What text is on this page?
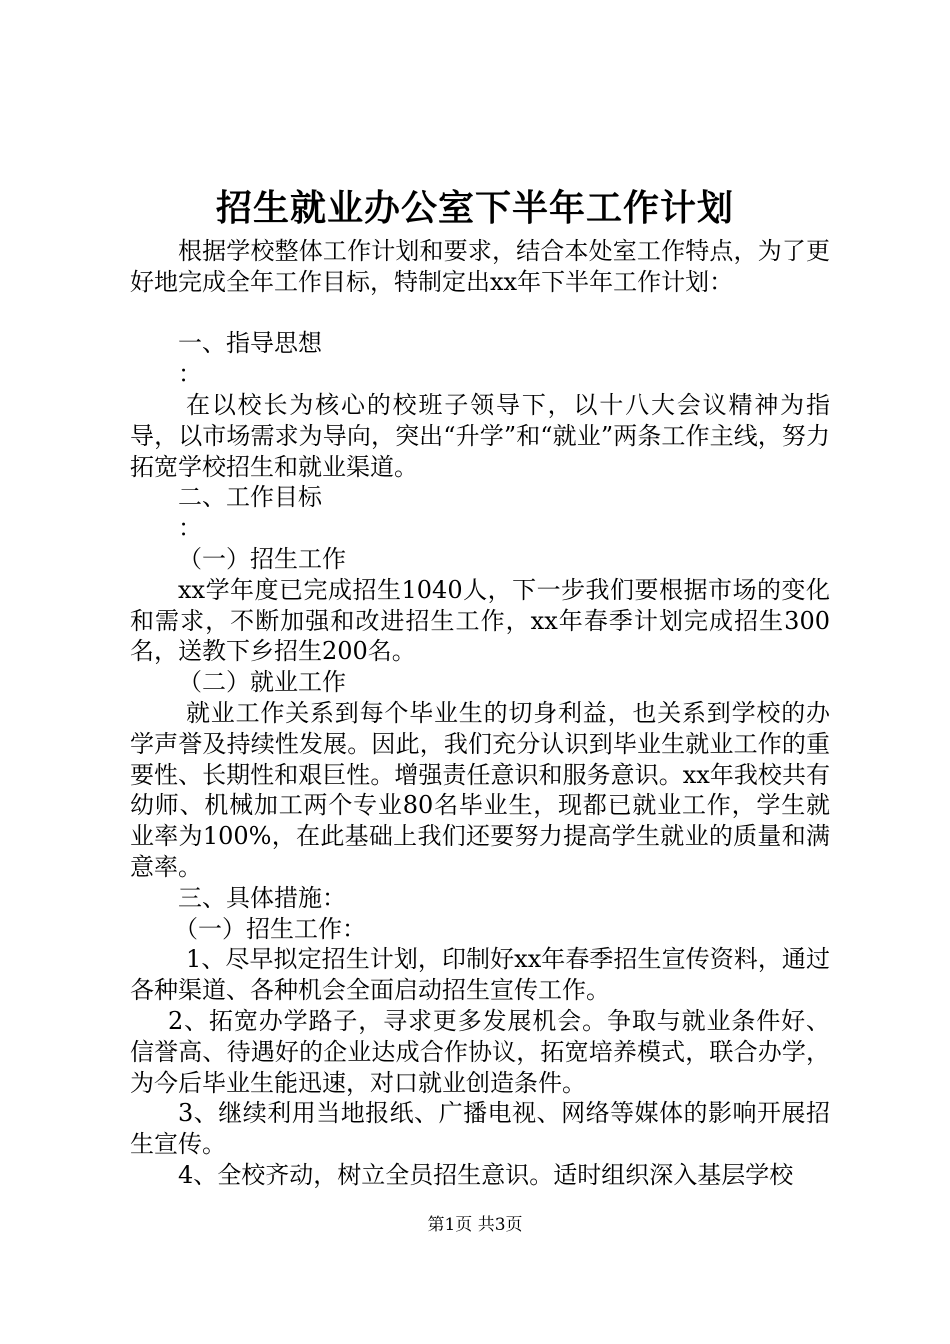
招生就业办公室下半年工作计划

根据学校整体工作计划和要求，结合本处室工作特点，为了更好地完成全年工作目标，特制定出xx年下半年工作计划：

一、指导思想

：

在以校长为核心的校班子领导下，以十八大会议精神为指导，以市场需求为导向，突出“升学”和“就业”两条工作主线，努力拓宽学校招生和就业渠道。

二、工作目标

：

（一）招生工作

xx学年度已完成招生1040人，下一步我们要根据市场的变化和需求，不断加强和改进招生工作，xx年春季计划完成招生300名，送教下乡招生200名。

（二）就业工作

就业工作关系到每个毕业生的切身利益，也关系到学校的办学声誉及持续性发展。因此，我们充分认识到毕业生就业工作的重要性、长期性和艰巨性。增强责任意识和服务意识。xx年我校共有幼师、机械加工两个专业80名毕业生，现都已就业工作，学生就业率为100%，在此基础上我们还要努力提高学生就业的质量和满意率。

三、具体措施：

（一）招生工作：

1、尽早拟定招生计划，印制好xx年春季招生宣传资料，通过各种渠道、各种机会全面启动招生宣传工作。

2、拓宽办学路子，寻求更多发展机会。争取与就业条件好、信誉高、待遇好的企业达成合作协议，拓宽培养模式，联合办学，为今后毕业生能迅速，对口就业创造条件。

3、继续利用当地报纸、广播电视、网络等媒体的影响开展招生宣传。

4、全校齐动，树立全员招生意识。适时组织深入基层学校

第1页 共3页
